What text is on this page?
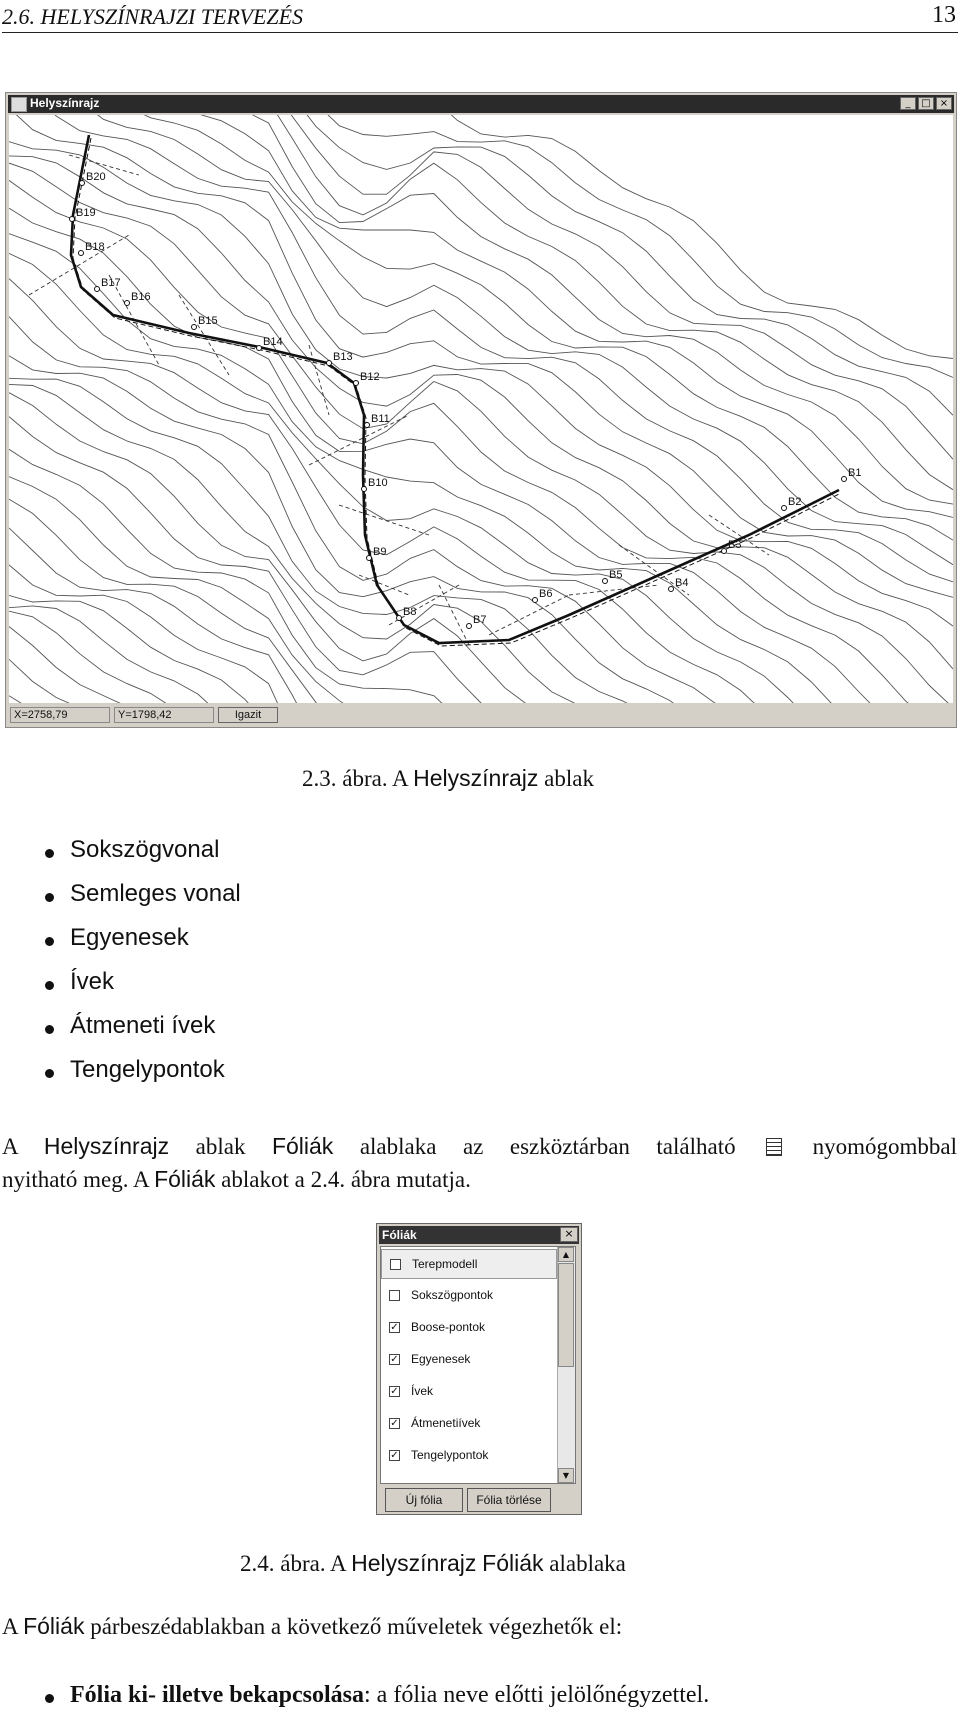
2.6. HELYSZÍNRAJZI TERVEZÉS	13
Helyszínrajz	_	□ ×
B1
B2
B3
B4
B5
B6
B7
B8
B9
B10
B11
B12
B13
B14
B15
B16
B17
B18
B19
B20
X=2758,79	Y=1798,42	Igazit
2.3. ábra. A Helyszínrajz ablak
Sokszögvonal
Semleges vonal
Egyenesek
Ívek
Átmeneti ívek
Tengelypontok
A Helyszínrajz ablak Fóliák alablaka az eszköztárban található  nyomógombbal
nyitható meg. A Fóliák ablakot a 2.4. ábra mutatja.
Fóliák	×
Terepmodell
Sokszögpontok
✓ Boose-pontok
✓ Egyenesek
✓ Ívek
✓ Átmenetiívek
✓ Tengelypontok
▲
▼
Új fólia	Fólia törlése
2.4. ábra. A Helyszínrajz Fóliák alablaka
A Fóliák párbeszédablakban a következő műveletek végezhetők el:
Fólia ki- illetve bekapcsolása: a fólia neve előtti jelölőnégyzettel.
